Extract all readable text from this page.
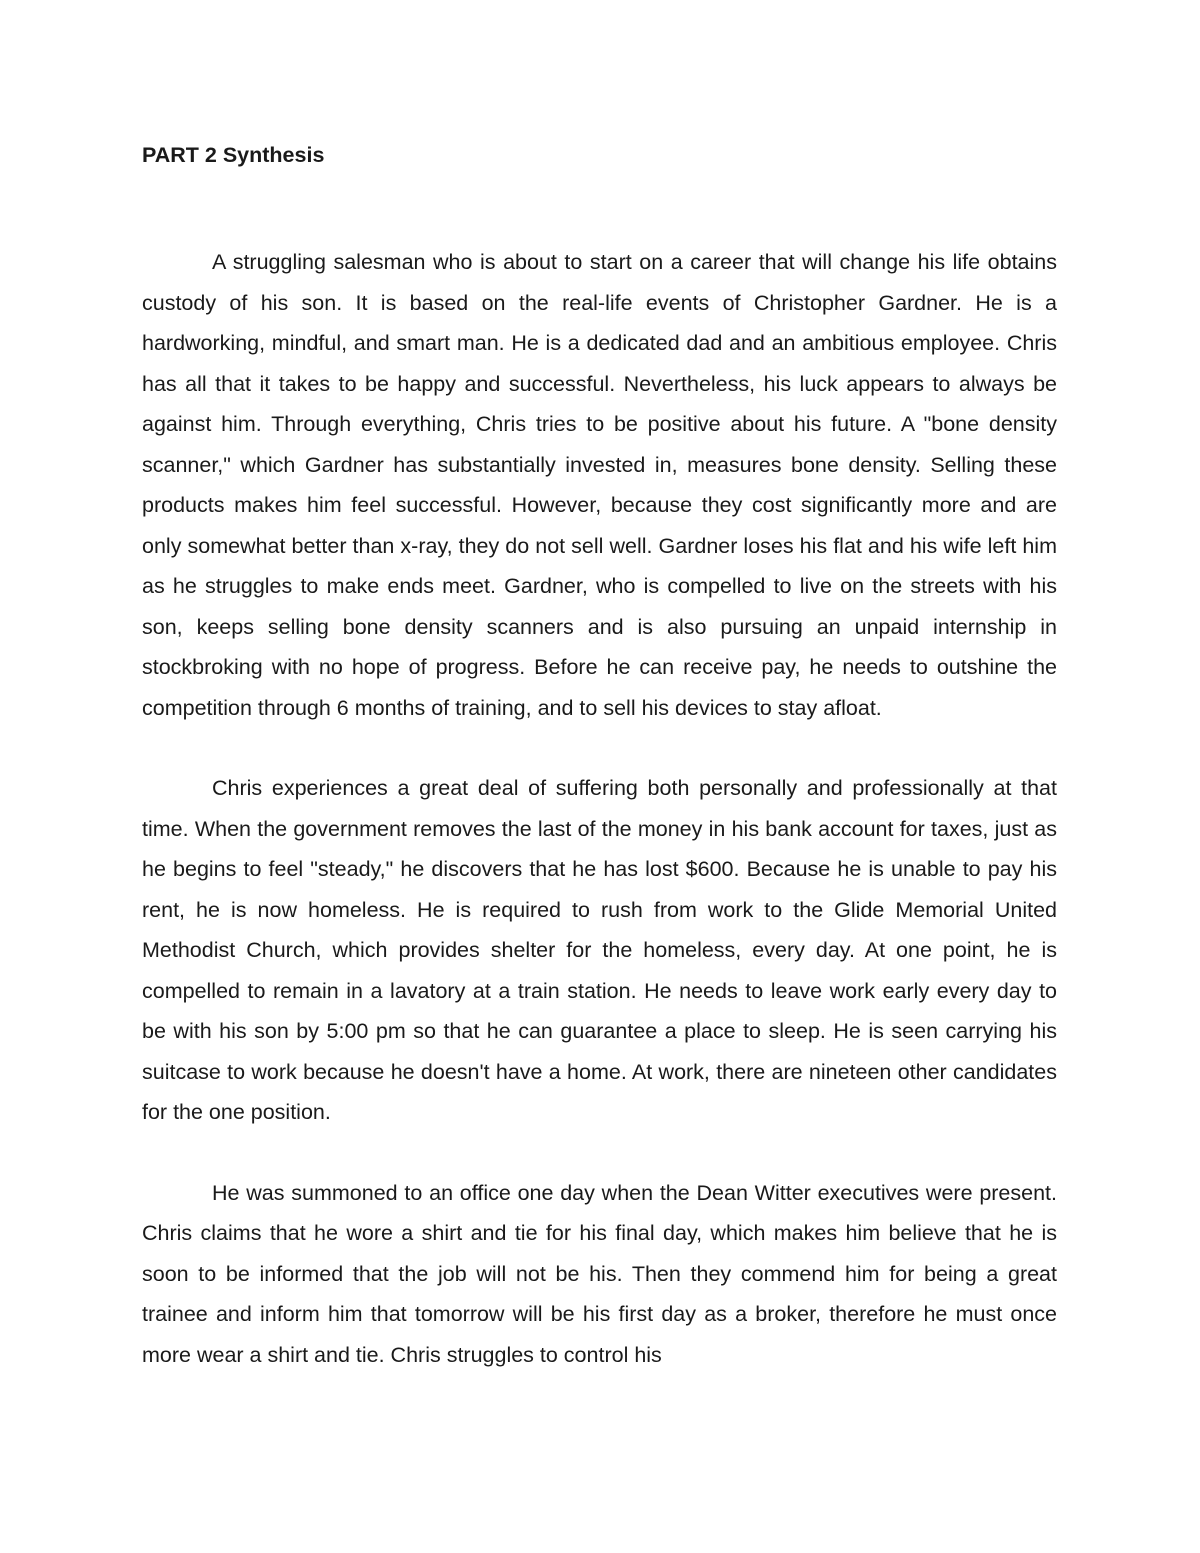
PART 2 Synthesis

A struggling salesman who is about to start on a career that will change his life obtains custody of his son. It is based on the real-life events of Christopher Gardner. He is a hardworking, mindful, and smart man. He is a dedicated dad and an ambitious employee. Chris has all that it takes to be happy and successful. Nevertheless, his luck appears to always be against him. Through everything, Chris tries to be positive about his future. A "bone density scanner," which Gardner has substantially invested in, measures bone density. Selling these products makes him feel successful. However, because they cost significantly more and are only somewhat better than x-ray, they do not sell well. Gardner loses his flat and his wife left him as he struggles to make ends meet. Gardner, who is compelled to live on the streets with his son, keeps selling bone density scanners and is also pursuing an unpaid internship in stockbroking with no hope of progress. Before he can receive pay, he needs to outshine the competition through 6 months of training, and to sell his devices to stay afloat.

Chris experiences a great deal of suffering both personally and professionally at that time. When the government removes the last of the money in his bank account for taxes, just as he begins to feel "steady," he discovers that he has lost $600. Because he is unable to pay his rent, he is now homeless. He is required to rush from work to the Glide Memorial United Methodist Church, which provides shelter for the homeless, every day. At one point, he is compelled to remain in a lavatory at a train station. He needs to leave work early every day to be with his son by 5:00 pm so that he can guarantee a place to sleep. He is seen carrying his suitcase to work because he doesn't have a home. At work, there are nineteen other candidates for the one position.

He was summoned to an office one day when the Dean Witter executives were present. Chris claims that he wore a shirt and tie for his final day, which makes him believe that he is soon to be informed that the job will not be his. Then they commend him for being a great trainee and inform him that tomorrow will be his first day as a broker, therefore he must once more wear a shirt and tie. Chris struggles to control his
